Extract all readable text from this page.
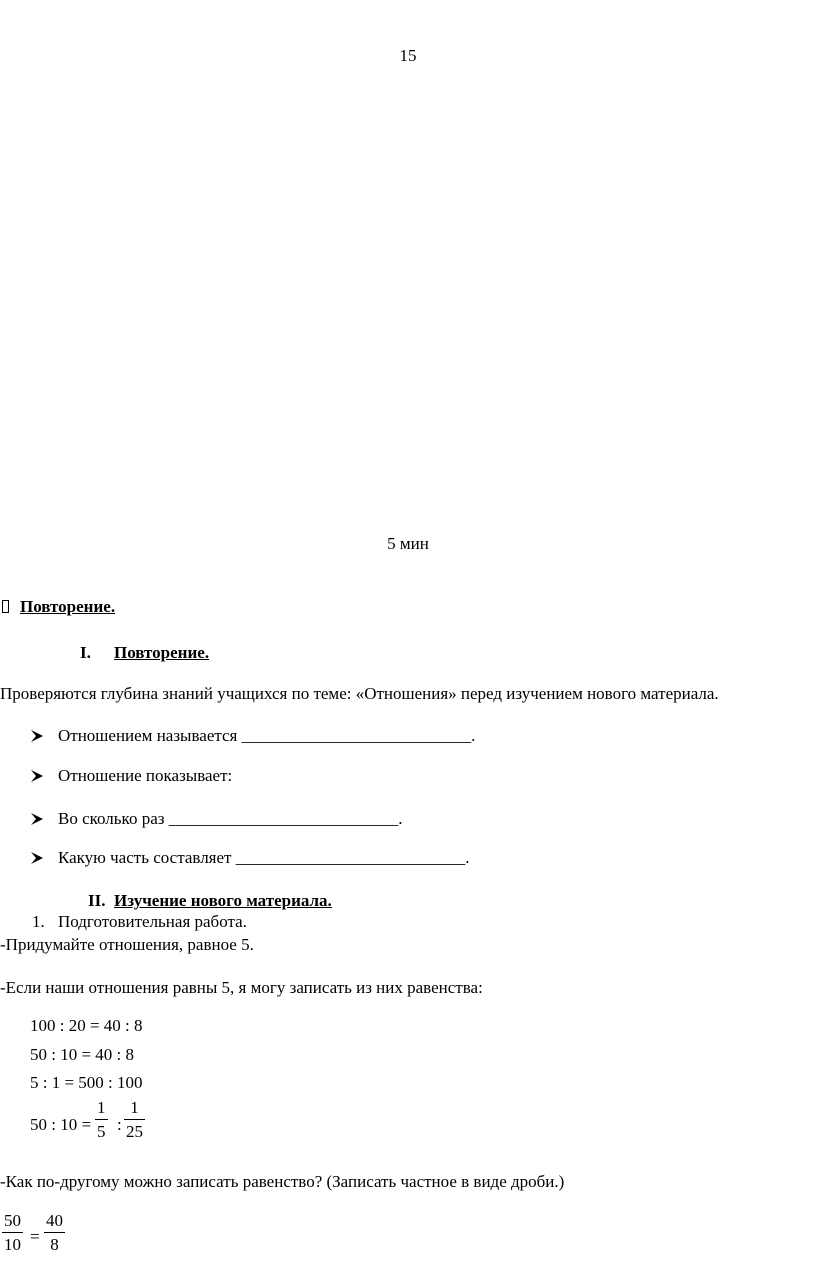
15
5 мин
Повторение.
I. Повторение.
Проверяются глубина знаний учащихся по теме: «Отношения» перед изучением нового материала.
Отношением называется ___________________________.
Отношение показывает:
Во сколько раз ___________________________.
Какую часть составляет ___________________________.
II. Изучение нового материала.
1. Подготовительная работа.
-Придумайте отношения, равное 5.
-Если наши отношения равны 5, я могу записать из них равенства:
100 : 20 = 40 : 8
50 : 10 = 40 : 8
5 : 1 = 500 : 100
50 : 10 =
1
5 :
1
25
-Как по-другому можно записать равенство? (Записать частное в виде дроби.)
50
10 =
40
8
